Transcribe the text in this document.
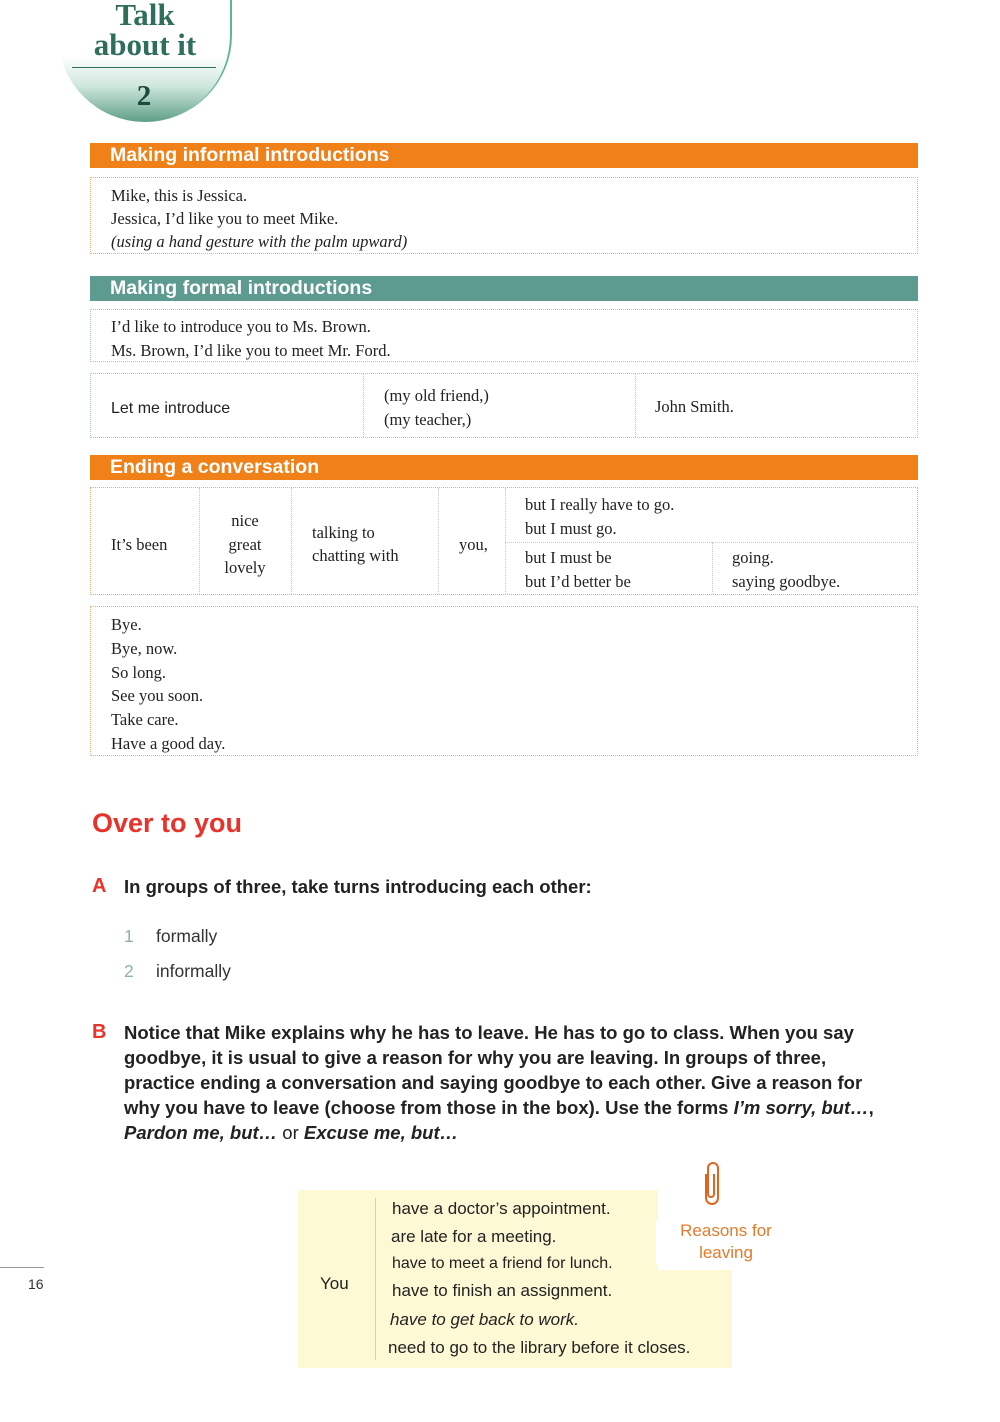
Talk
about it
2
Making informal introductions
Mike, this is Jessica.
Jessica, I’d like you to meet Mike.
(using a hand gesture with the palm upward)
Making formal introductions
I’d like to introduce you to Ms. Brown.
Ms. Brown, I’d like you to meet Mr. Ford.
Let me introduce
(my old friend,)
(my teacher,)
John Smith.
Ending a conversation
It’s been
nice
great
lovely
talking to
chatting with
you,
but I really have to go.
but I must go.
but I must be
but I’d better be
going.
saying goodbye.
Bye.
Bye, now.
So long.
See you soon.
Take care.
Have a good day.
Over to you
A In groups of three, take turns introducing each other:
1 formally
2 informally
B Notice that Mike explains why he has to leave. He has to go to class. When you say
goodbye, it is usual to give a reason for why you are leaving. In groups of three,
practice ending a conversation and saying goodbye to each other. Give a reason for
why you have to leave (choose from those in the box). Use the forms I’m sorry, but…,
Pardon me, but… or Excuse me, but…
You
have a doctor’s appointment.
are late for a meeting.
have to meet a friend for lunch.
have to finish an assignment.
have to get back to work.
need to go to the library before it closes.
Reasons for
leaving
16
